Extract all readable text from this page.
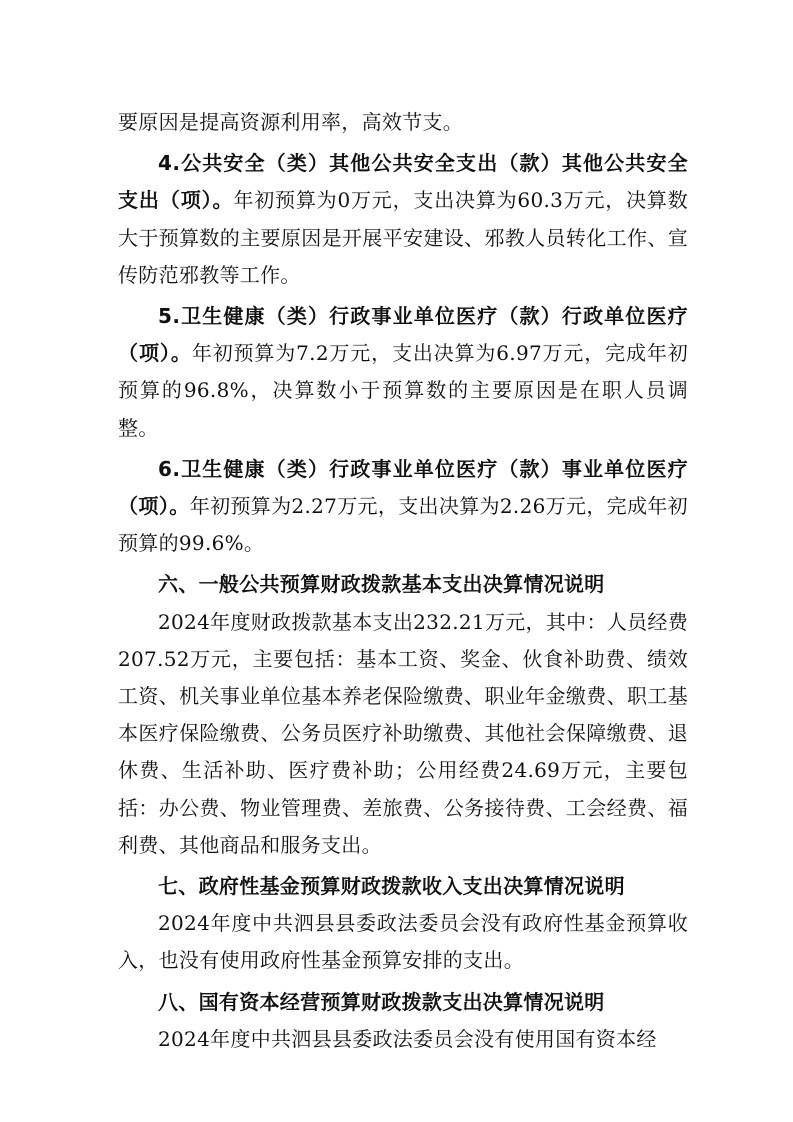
要原因是提高资源利用率，高效节支。

4.公共安全（类）其他公共安全支出（款）其他公共安全支出（项）。年初预算为0万元，支出决算为60.3万元，决算数大于预算数的主要原因是开展平安建设、邪教人员转化工作、宣传防范邪教等工作。

5.卫生健康（类）行政事业单位医疗（款）行政单位医疗（项）。年初预算为7.2万元，支出决算为6.97万元，完成年初预算的96.8%，决算数小于预算数的主要原因是在职人员调整。

6.卫生健康（类）行政事业单位医疗（款）事业单位医疗（项）。年初预算为2.27万元，支出决算为2.26万元，完成年初预算的99.6%。

六、一般公共预算财政拨款基本支出决算情况说明

2024年度财政拨款基本支出232.21万元，其中：人员经费207.52万元，主要包括：基本工资、奖金、伙食补助费、绩效工资、机关事业单位基本养老保险缴费、职业年金缴费、职工基本医疗保险缴费、公务员医疗补助缴费、其他社会保障缴费、退休费、生活补助、医疗费补助；公用经费24.69万元，主要包括：办公费、物业管理费、差旅费、公务接待费、工会经费、福利费、其他商品和服务支出。

七、政府性基金预算财政拨款收入支出决算情况说明

2024年度中共泗县县委政法委员会没有政府性基金预算收入，也没有使用政府性基金预算安排的支出。

八、国有资本经营预算财政拨款支出决算情况说明

2024年度中共泗县县委政法委员会没有使用国有资本经
